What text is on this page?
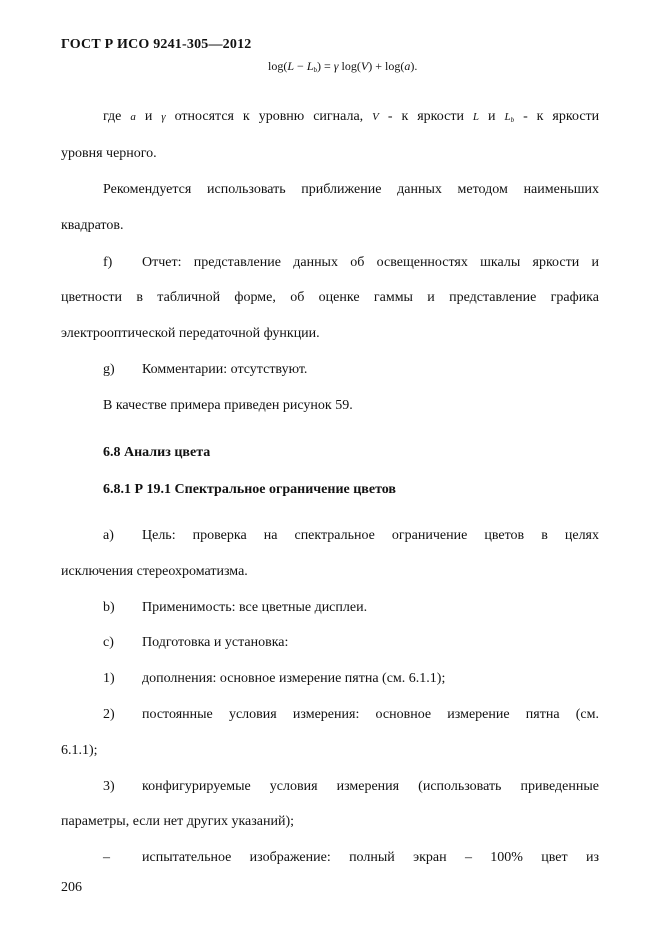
ГОСТ Р ИСО 9241-305—2012
$\log(L - L_b) = \gamma$ log(V) + log(a).
где a и γ относятся к уровню сигнала, V - к яркости L и $L_b$ - к яркости
уровня черного.
Рекомендуется использовать приближение данных методом наименьших
квадратов.
f) Отчет: представление данных об освещенностях шкалы яркости и
цветности в табличной форме, об оценке гаммы и представление графика
электрооптической передаточной функции.
g) Комментарии: отсутствуют.
В качестве примера приведен рисунок 59.
6.8 Анализ цвета
6.8.1 Р 19.1 Спектральное ограничение цветов
a) Цель: проверка на спектральное ограничение цветов в целях
исключения стереохроматизма.
b) Применимость: все цветные дисплеи.
c) Подготовка и установка:
1) дополнения: основное измерение пятна (см. 6.1.1);
2) постоянные условия измерения: основное измерение пятна (см.
6.1.1);
3) конфигурируемые условия измерения (использовать приведенные
параметры, если нет других указаний);
– испытательное изображение: полный экран – 100% цвет из
206
